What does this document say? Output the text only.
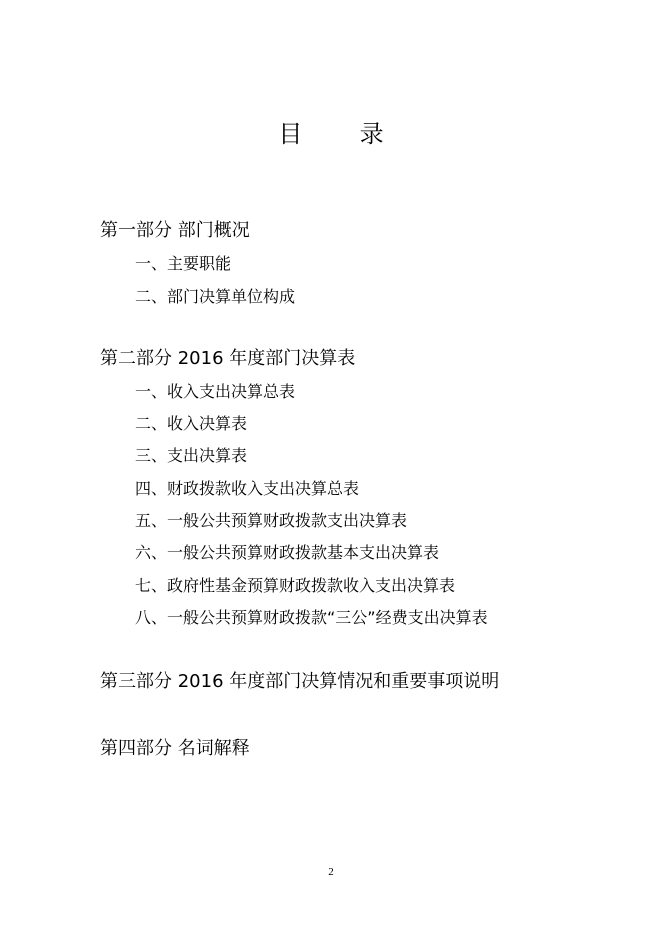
目  录
第一部分 部门概况
一、主要职能
二、部门决算单位构成
第二部分 2016 年度部门决算表
一、收入支出决算总表
二、收入决算表
三、支出决算表
四、财政拨款收入支出决算总表
五、一般公共预算财政拨款支出决算表
六、一般公共预算财政拨款基本支出决算表
七、政府性基金预算财政拨款收入支出决算表
八、一般公共预算财政拨款“三公”经费支出决算表
第三部分 2016 年度部门决算情况和重要事项说明
第四部分 名词解释
2
